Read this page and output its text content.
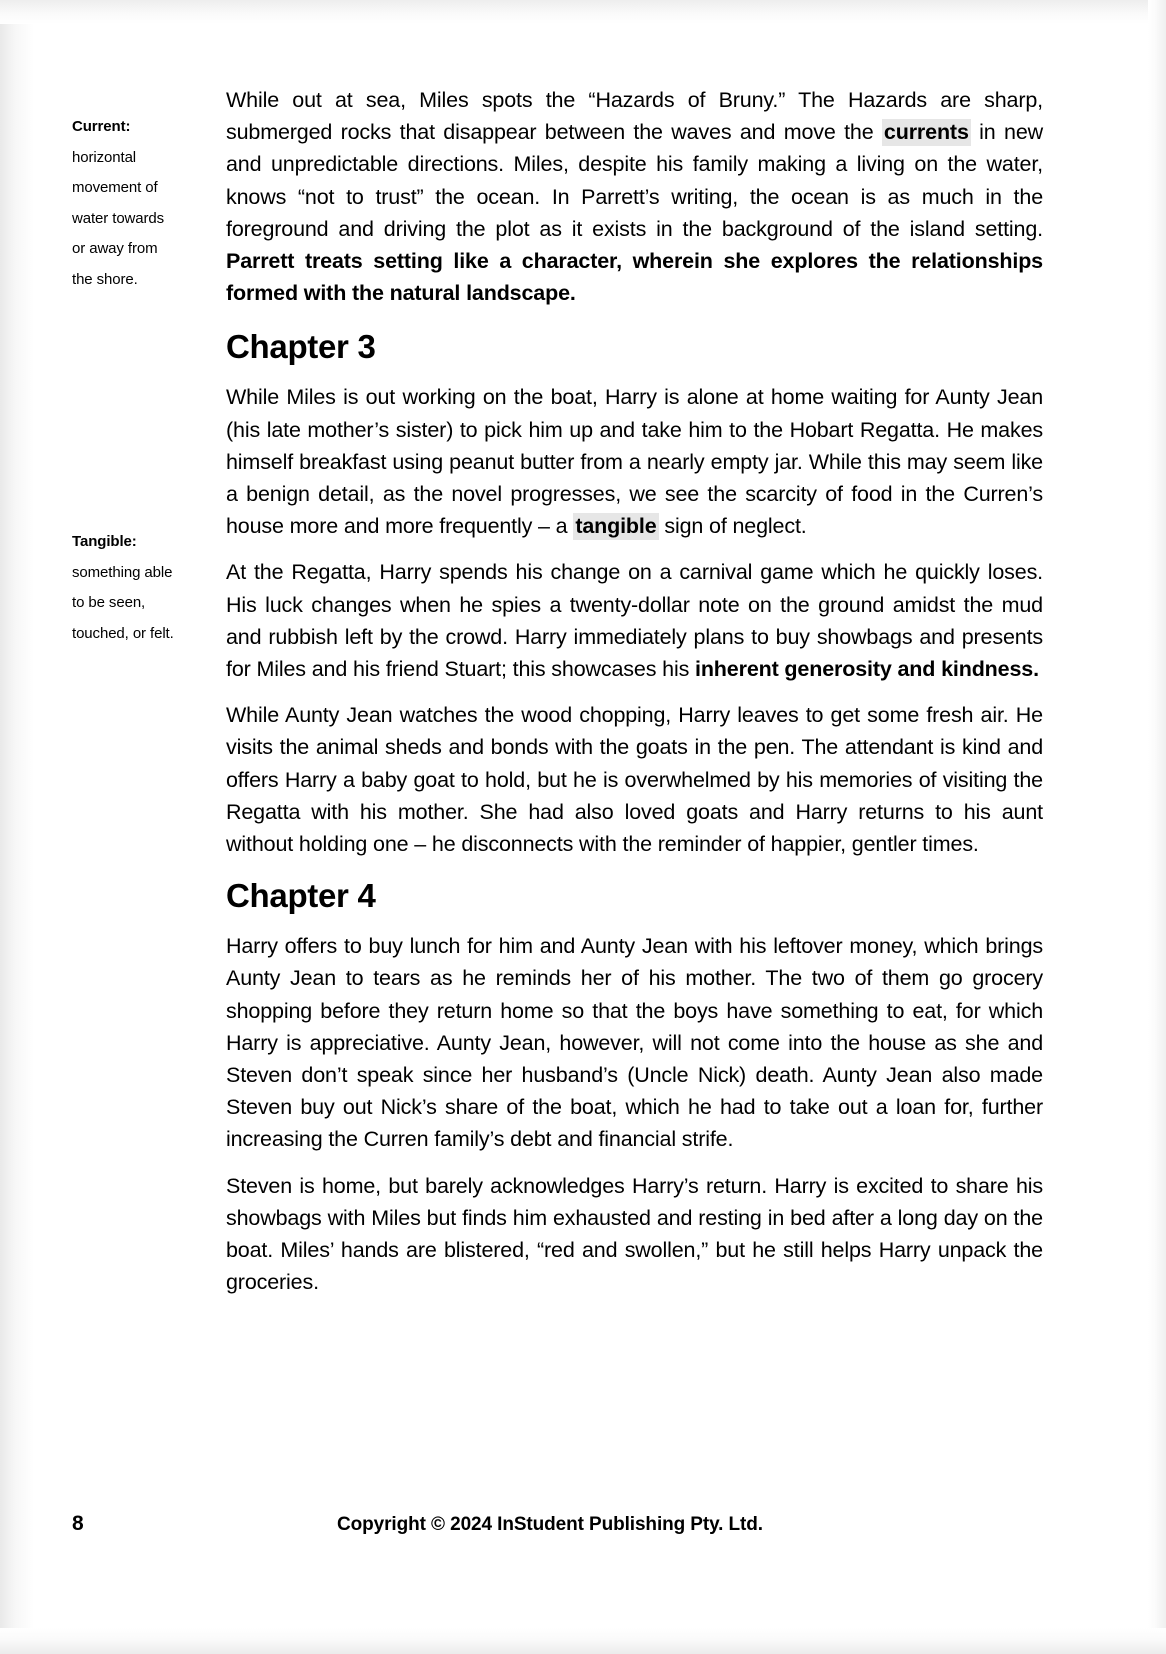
Current:
horizontal
movement of
water towards
or away from
the shore.
Tangible:
something able
to be seen,
touched, or felt.

While out at sea, Miles spots the “Hazards of Bruny.” The Hazards are sharp, submerged rocks that disappear between the waves and move the currents in new and unpredictable directions. Miles, despite his family making a living on the water, knows “not to trust” the ocean. In Parrett’s writing, the ocean is as much in the foreground and driving the plot as it exists in the background of the island setting. Parrett treats setting like a character, wherein she explores the relationships formed with the natural landscape.

Chapter 3

While Miles is out working on the boat, Harry is alone at home waiting for Aunty Jean (his late mother’s sister) to pick him up and take him to the Hobart Regatta. He makes himself breakfast using peanut butter from a nearly empty jar. While this may seem like a benign detail, as the novel progresses, we see the scarcity of food in the Curren’s house more and more frequently – a tangible sign of neglect.

At the Regatta, Harry spends his change on a carnival game which he quickly loses. His luck changes when he spies a twenty-dollar note on the ground amidst the mud and rubbish left by the crowd. Harry immediately plans to buy showbags and presents for Miles and his friend Stuart; this showcases his inherent generosity and kindness.

While Aunty Jean watches the wood chopping, Harry leaves to get some fresh air. He visits the animal sheds and bonds with the goats in the pen. The attendant is kind and offers Harry a baby goat to hold, but he is overwhelmed by his memories of visiting the Regatta with his mother. She had also loved goats and Harry returns to his aunt without holding one – he disconnects with the reminder of happier, gentler times.

Chapter 4

Harry offers to buy lunch for him and Aunty Jean with his leftover money, which brings Aunty Jean to tears as he reminds her of his mother. The two of them go grocery shopping before they return home so that the boys have something to eat, for which Harry is appreciative. Aunty Jean, however, will not come into the house as she and Steven don’t speak since her husband’s (Uncle Nick) death. Aunty Jean also made Steven buy out Nick’s share of the boat, which he had to take out a loan for, further increasing the Curren family’s debt and financial strife.

Steven is home, but barely acknowledges Harry’s return. Harry is excited to share his showbags with Miles but finds him exhausted and resting in bed after a long day on the boat. Miles’ hands are blistered, “red and swollen,” but he still helps Harry unpack the groceries.

8	Copyright © 2024 InStudent Publishing Pty. Ltd.
